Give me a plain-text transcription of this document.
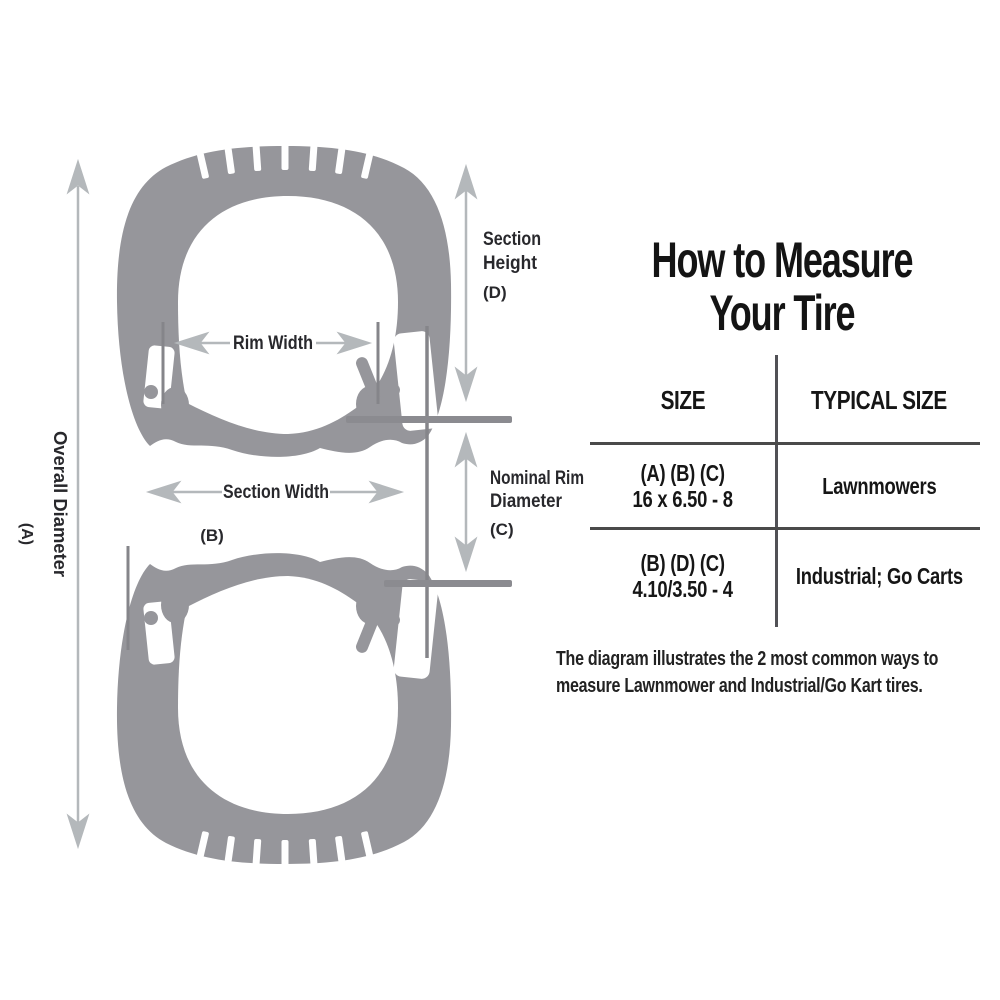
Rim Width
Section Width
(B)
Section
Height
(D)
Nominal Rim
Diameter
(C)
Overall Diameter
(A)
How to Measure
Your Tire
SIZE	TYPICAL SIZE
(A) (B) (C)
16 x 6.50 - 8	Lawnmowers
(B) (D) (C)
4.10/3.50 - 4	Industrial; Go Carts
The diagram illustrates the 2 most common ways to
measure Lawnmower and Industrial/Go Kart tires.
